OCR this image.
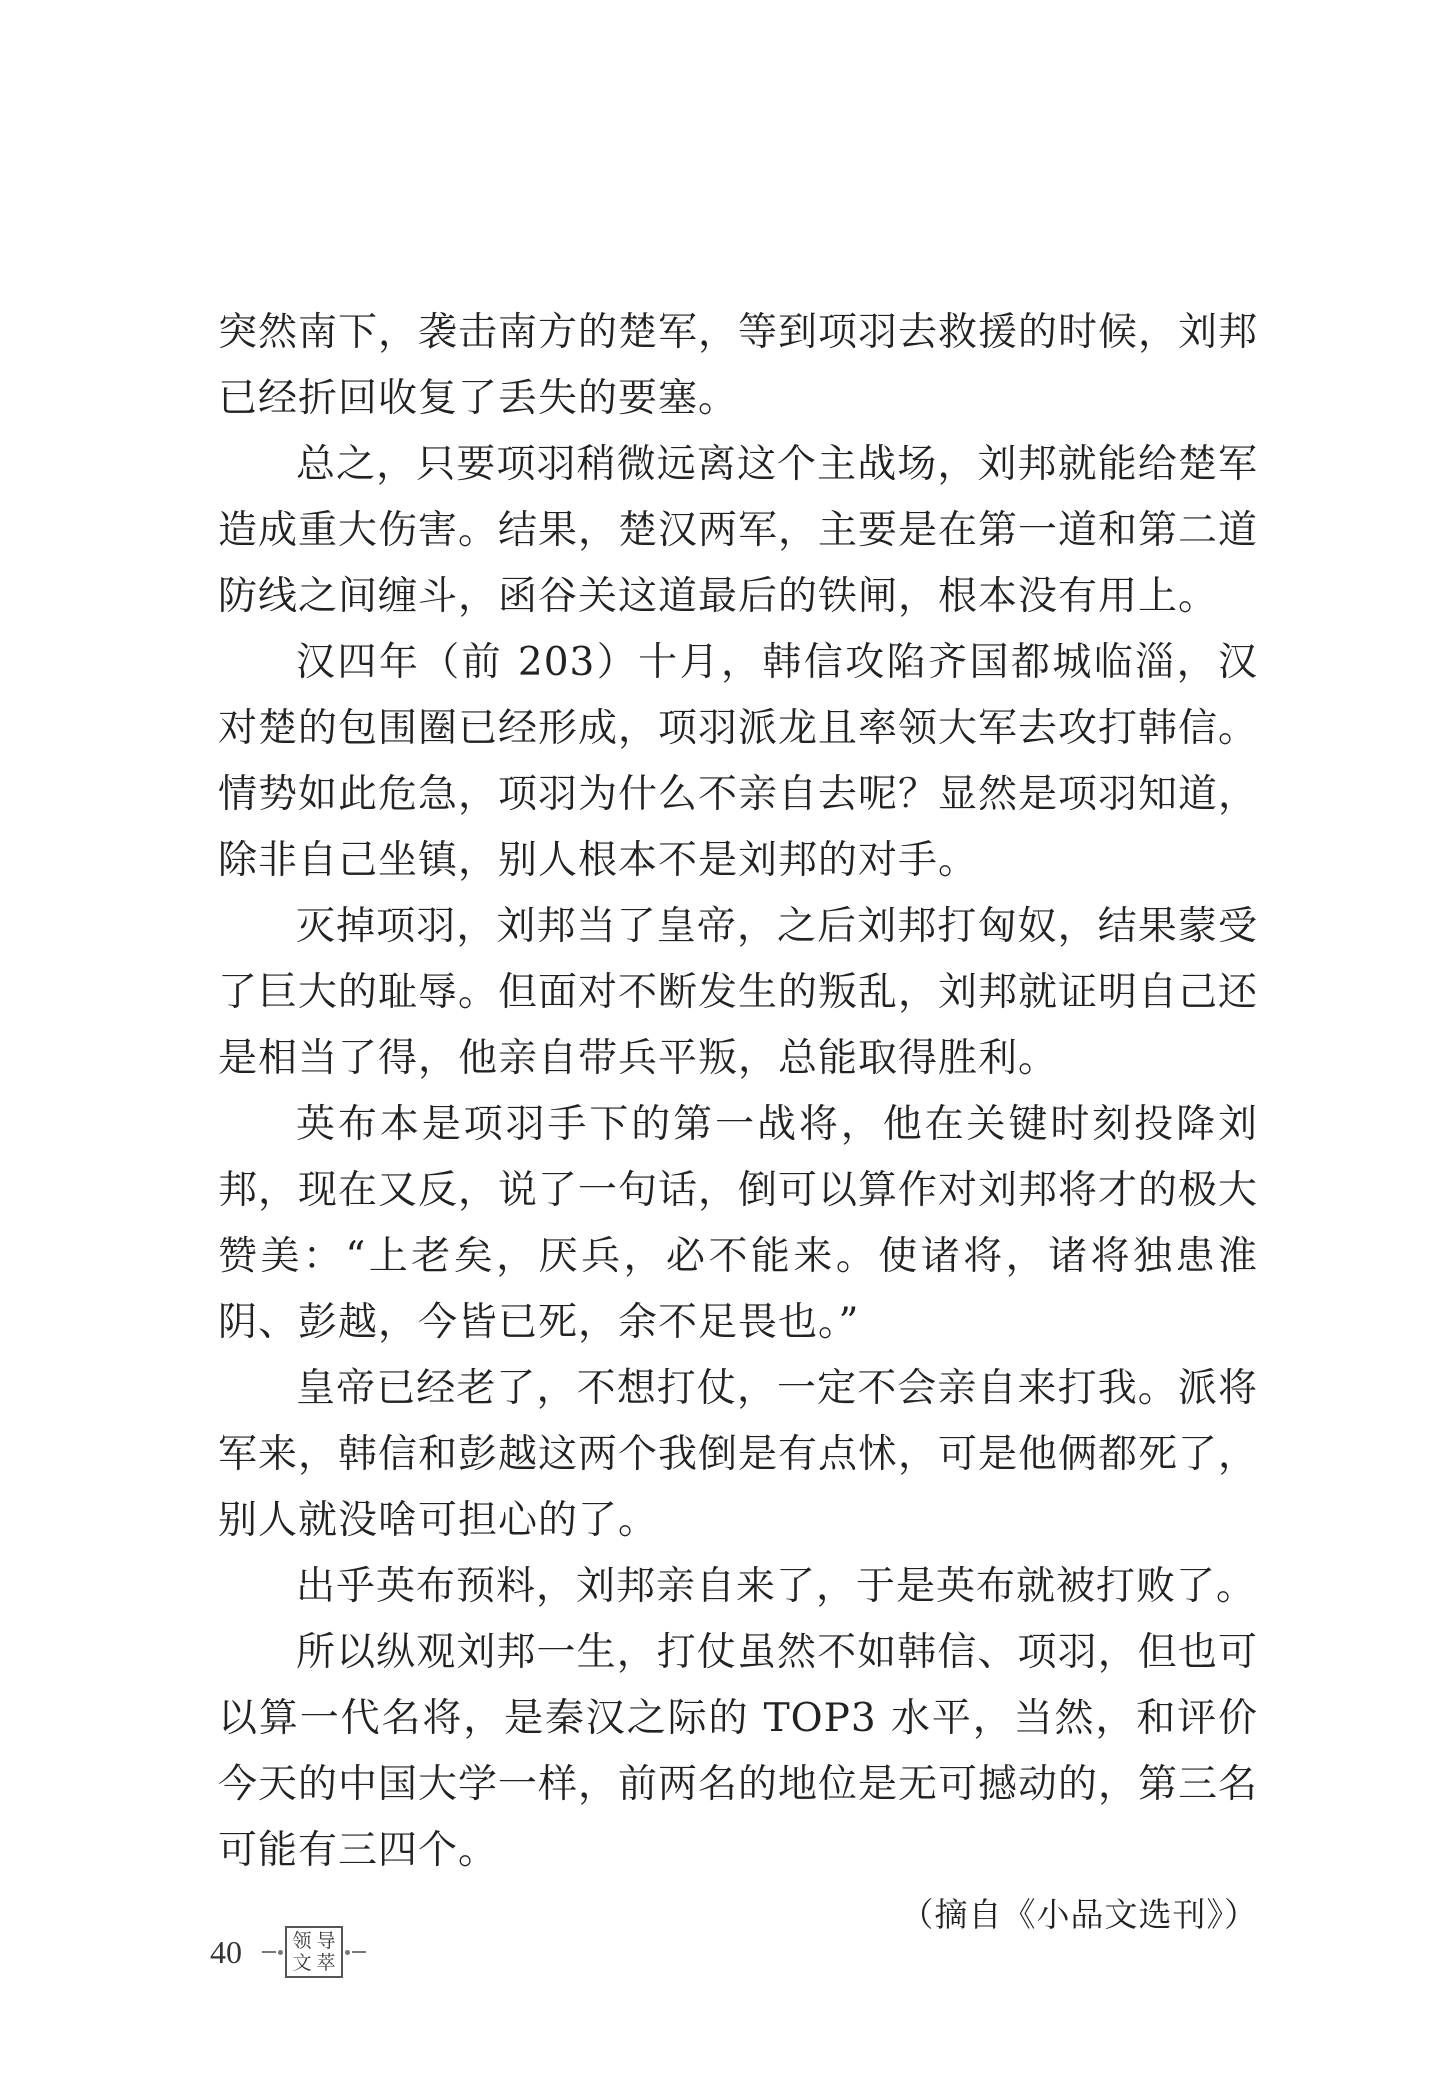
突然南下，袭击南方的楚军，等到项羽去救援的时候，刘邦已经折回收复了丢失的要塞。

总之，只要项羽稍微远离这个主战场，刘邦就能给楚军造成重大伤害。结果，楚汉两军，主要是在第一道和第二道防线之间缠斗，函谷关这道最后的铁闸，根本没有用上。

汉四年（前 203）十月，韩信攻陷齐国都城临淄，汉对楚的包围圈已经形成，项羽派龙且率领大军去攻打韩信。情势如此危急，项羽为什么不亲自去呢？显然是项羽知道，除非自己坐镇，别人根本不是刘邦的对手。

灭掉项羽，刘邦当了皇帝，之后刘邦打匈奴，结果蒙受了巨大的耻辱。但面对不断发生的叛乱，刘邦就证明自己还是相当了得，他亲自带兵平叛，总能取得胜利。

英布本是项羽手下的第一战将，他在关键时刻投降刘邦，现在又反，说了一句话，倒可以算作对刘邦将才的极大赞美：“上老矣，厌兵，必不能来。使诸将，诸将独患淮阴、彭越，今皆已死，余不足畏也。”

皇帝已经老了，不想打仗，一定不会亲自来打我。派将军来，韩信和彭越这两个我倒是有点怵，可是他俩都死了，别人就没啥可担心的了。

出乎英布预料，刘邦亲自来了，于是英布就被打败了。

所以纵观刘邦一生，打仗虽然不如韩信、项羽，但也可以算一代名将，是秦汉之际的 TOP3 水平，当然，和评价今天的中国大学一样，前两名的地位是无可撼动的，第三名可能有三四个。

（摘自《小品文选刊》）
40	领 导
文 萃
